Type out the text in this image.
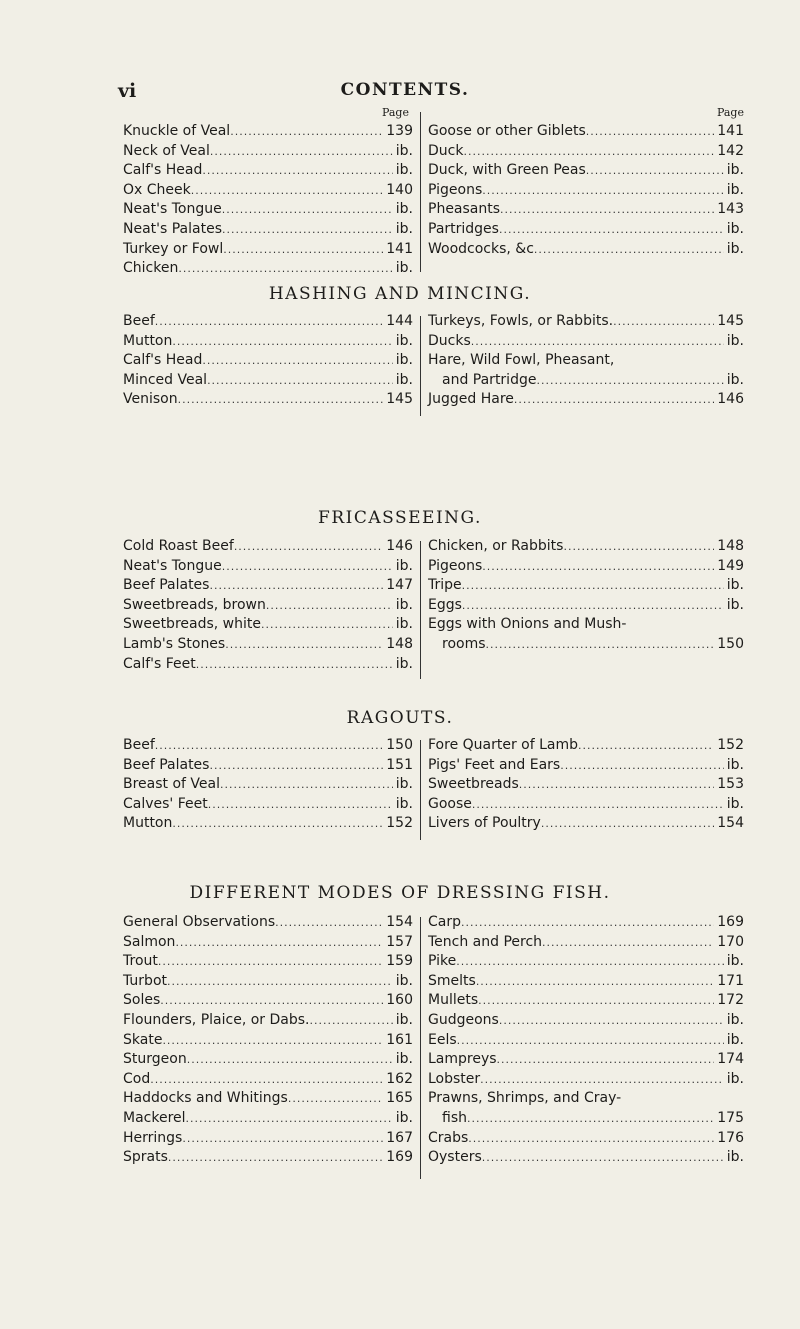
vi	CONTENTS.
Page
Knuckle of Veal .....	139
Neck of Veal .....	ib.
Calf's Head .....	ib.
Ox Cheek .....	140
Neat's Tongue .....	ib.
Neat's Palates .....	ib.
Turkey or Fowl .....	141
Chicken .....	ib.
Page
Goose or other Giblets .....	141
Duck .....	142
Duck, with Green Peas .....	ib.
Pigeons .....	ib.
Pheasants .....	143
Partridges .....	ib.
Woodcocks, &c .....	ib.
HASHING AND MINCING.
Beef .....	144
Mutton .....	ib.
Calf's Head .....	ib.
Minced Veal .....	ib.
Venison .....	145
Turkeys, Fowls, or Rabbits. .....	145
Ducks .....	ib.
Hare, Wild Fowl, Pheasant,
and Partridge .....	ib.
Jugged Hare .....	146
FRICASSEEING.
Cold Roast Beef .....	146
Neat's Tongue .....	ib.
Beef Palates .....	147
Sweetbreads, brown .....	ib.
Sweetbreads, white .....	ib.
Lamb's Stones .....	148
Calf's Feet .....	ib.
Chicken, or Rabbits .....	148
Pigeons .....	149
Tripe .....	ib.
Eggs .....	ib.
Eggs with Onions and Mush-
rooms .....	150
RAGOUTS.
Beef .....	150
Beef Palates .....	151
Breast of Veal .....	ib.
Calves' Feet .....	ib.
Mutton .....	152
Fore Quarter of Lamb .....	152
Pigs' Feet and Ears .....	ib.
Sweetbreads .....	153
Goose .....	ib.
Livers of Poultry .....	154
DIFFERENT MODES OF DRESSING FISH.
General Observations .....	154
Salmon .....	157
Trout .....	159
Turbot .....	ib.
Soles .....	160
Flounders, Plaice, or Dabs. .....	ib.
Skate .....	161
Sturgeon .....	ib.
Cod .....	162
Haddocks and Whitings .....	165
Mackerel .....	ib.
Herrings .....	167
Sprats .....	169
Carp .....	169
Tench and Perch .....	170
Pike .....	ib.
Smelts .....	171
Mullets .....	172
Gudgeons .....	ib.
Eels .....	ib.
Lampreys .....	174
Lobster .....	ib.
Prawns, Shrimps, and Cray-
fish .....	175
Crabs .....	176
Oysters .....	ib.
